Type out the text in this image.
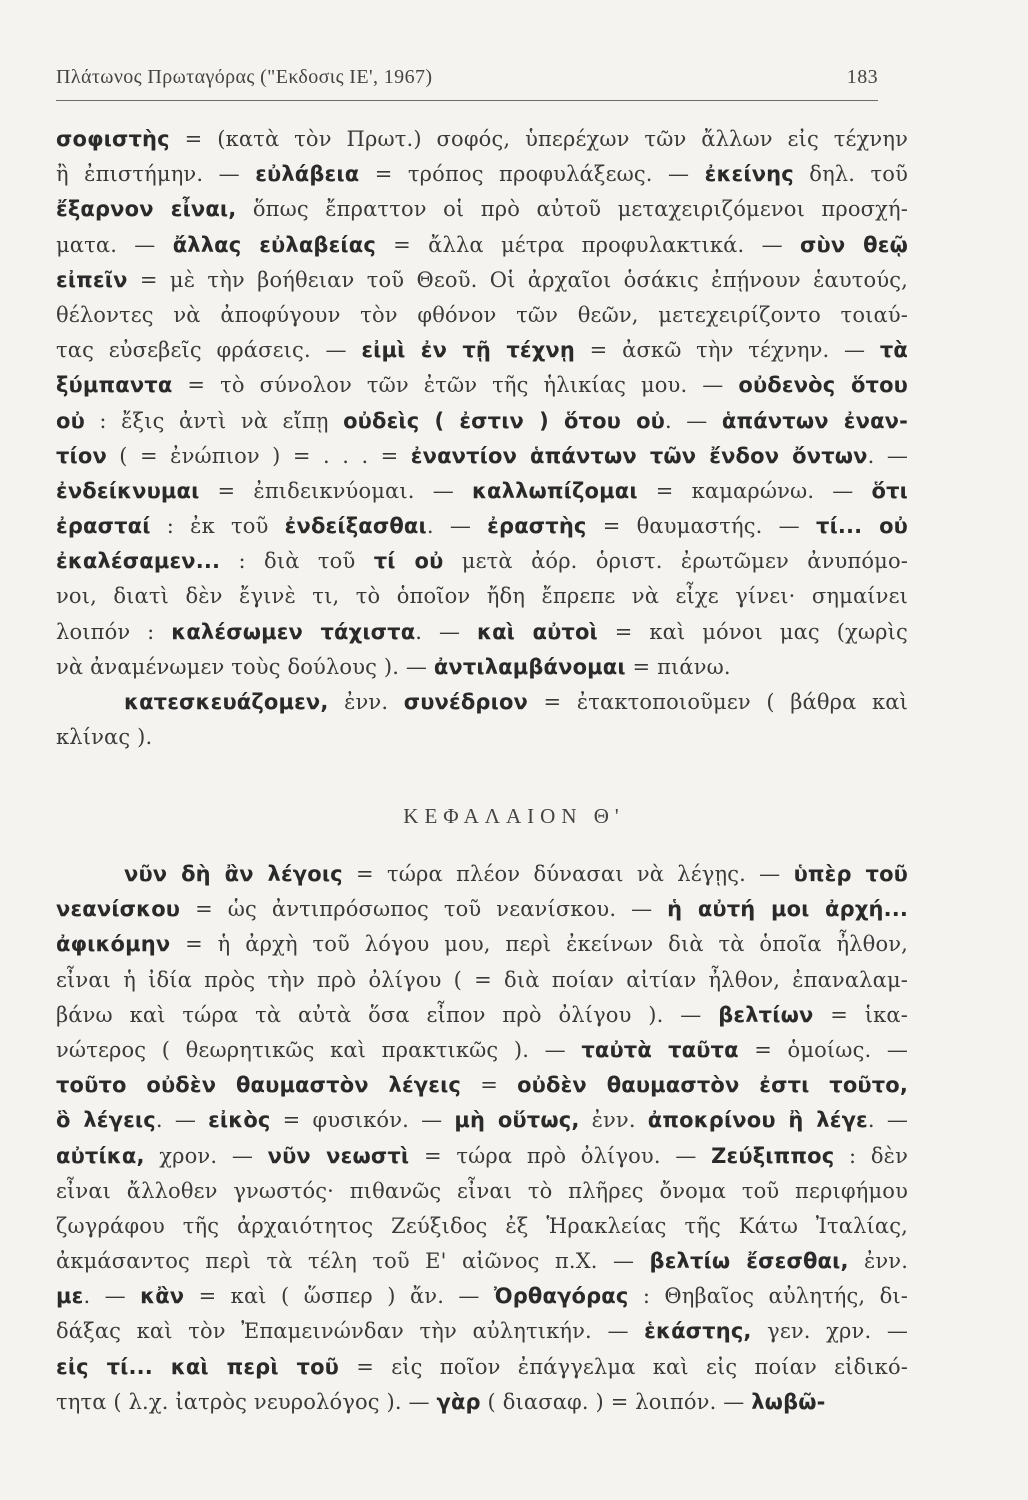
Πλάτωνος Πρωταγόρας ("Εκδοσις ΙΕ', 1967)	183
σοφιστὴς = (κατὰ τὸν Πρωτ.) σοφός, ὑπερέχων τῶν ἄλλων εἰς τέχνην
ἢ ἐπιστήμην. — εὐλάβεια = τρόπος προφυλάξεως. — ἐκείνης δηλ. τοῦ
ἔξαρνον εἶναι, ὅπως ἔπραττον οἱ πρὸ αὐτοῦ μεταχειριζόμενοι προσχή-
ματα. — ἄλλας εὐλαβείας = ἄλλα μέτρα προφυλακτικά. — σὺν θεῷ
εἰπεῖν = μὲ τὴν βοήθειαν τοῦ Θεοῦ. Οἱ ἀρχαῖοι ὁσάκις ἐπῄνουν ἑαυτούς,
θέλοντες νὰ ἀποφύγουν τὸν φθόνον τῶν θεῶν, μετεχειρίζοντο τοιαύ-
τας εὐσεβεῖς φράσεις. — εἰμὶ ἐν τῇ τέχνῃ = ἀσκῶ τὴν τέχνην. — τὰ
ξύμπαντα = τὸ σύνολον τῶν ἐτῶν τῆς ἡλικίας μου. — οὐδενὸς ὅτου
οὐ : ἔξις ἀντὶ νὰ εἴπῃ οὐδεὶς ( ἐστιν ) ὅτου οὐ. — ἁπάντων ἐναν-
τίον ( = ἐνώπιον ) = . . . = ἐναντίον ἁπάντων τῶν ἔνδον ὄντων. —
ἐνδείκνυμαι = ἐπιδεικνύομαι. — καλλωπίζομαι = καμαρώνω. — ὅτι
ἐρασταί : ἐκ τοῦ ἐνδείξασθαι. — ἐραστὴς = θαυμαστής. — τί... οὐ
ἐκαλέσαμεν... : διὰ τοῦ τί οὐ μετὰ ἀόρ. ὁριστ. ἐρωτῶμεν ἀνυπόμο-
νοι, διατὶ δὲν ἔγινὲ τι, τὸ ὁποῖον ἤδη ἔπρεπε νὰ εἶχε γίνει· σημαίνει
λοιπόν : καλέσωμεν τάχιστα. — καὶ αὐτοὶ = καὶ μόνοι μας (χωρὶς
νὰ ἀναμένωμεν τοὺς δούλους ). — ἀντιλαμβάνομαι = πιάνω.
κατεσκευάζομεν, ἐνν. συνέδριον = ἐτακτοποιοῦμεν ( βάθρα καὶ
κλίνας ).
ΚΕΦΑΛΑΙΟΝ Θ'
νῦν δὴ ἂν λέγοις = τώρα πλέον δύνασαι νὰ λέγῃς. — ὑπὲρ τοῦ
νεανίσκου = ὡς ἀντιπρόσωπος τοῦ νεανίσκου. — ἡ αὐτή μοι ἀρχή...
ἀφικόμην = ἡ ἀρχὴ τοῦ λόγου μου, περὶ ἐκείνων διὰ τὰ ὁποῖα ἦλθον,
εἶναι ἡ ἰδία πρὸς τὴν πρὸ ὀλίγου ( = διὰ ποίαν αἰτίαν ἦλθον, ἐπαναλαμ-
βάνω καὶ τώρα τὰ αὐτὰ ὅσα εἶπον πρὸ ὀλίγου ). — βελτίων = ἱκα-
νώτερος ( θεωρητικῶς καὶ πρακτικῶς ). — ταὐτὰ ταῦτα = ὁμοίως. —
τοῦτο οὐδὲν θαυμαστὸν λέγεις = οὐδὲν θαυμαστὸν ἐστι τοῦτο,
ὃ λέγεις. — εἰκὸς = φυσικόν. — μὴ οὕτως, ἐνν. ἀποκρίνου ἢ λέγε. —
αὐτίκα, χρον. — νῦν νεωστὶ = τώρα πρὸ ὀλίγου. — Ζεύξιππος : δὲν
εἶναι ἄλλοθεν γνωστός· πιθανῶς εἶναι τὸ πλῆρες ὄνομα τοῦ περιφήμου
ζωγράφου τῆς ἀρχαιότητος Ζεύξιδος ἐξ Ἡρακλείας τῆς Κάτω Ἰταλίας,
ἀκμάσαντος περὶ τὰ τέλη τοῦ Ε' αἰῶνος π.Χ. — βελτίω ἔσεσθαι, ἐνν.
με. — κἂν = καὶ ( ὥσπερ ) ἄν. — Ὀρθαγόρας : Θηβαῖος αὐλητής, δι-
δάξας καὶ τὸν Ἐπαμεινώνδαν τὴν αὐλητικήν. — ἑκάστης, γεν. χρν. —
εἰς τί... καὶ περὶ τοῦ = εἰς ποῖον ἐπάγγελμα καὶ εἰς ποίαν εἰδικό-
τητα ( λ.χ. ἰατρὸς νευρολόγος ). — γὰρ ( διασαφ. ) = λοιπόν. — λωβῶ-
